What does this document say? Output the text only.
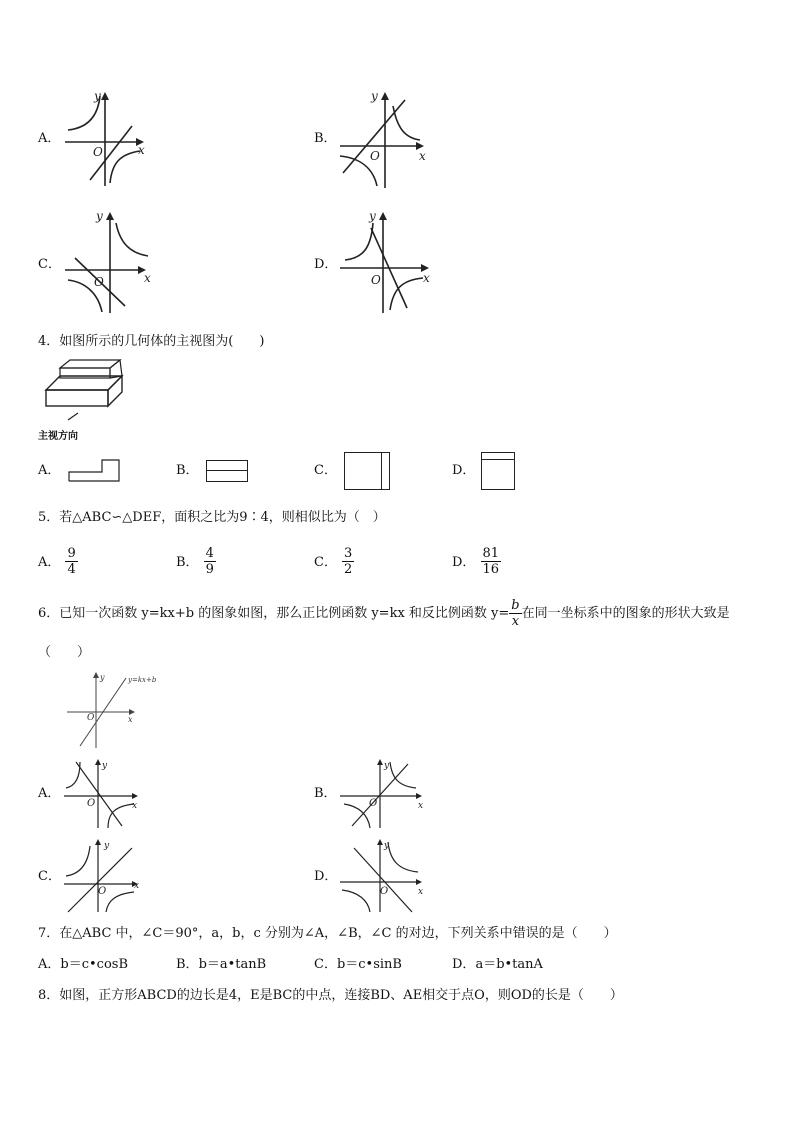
A．
O	x
y
B．
O	x
y
C．
O	x
y
D．
O	x
y
4．如图所示的几何体的主视图为(　　)
主视方向
A．	B．	C．	D．
5．若△ABC∽△DEF，面积之比为9∶4，则相似比为（　）
A． $\frac{9}{4}$	B． $\frac{4}{9}$	C． $\frac{3}{2}$	D． $\frac{81}{16}$
6．已知一次函数 y=kx+b 的图象如图，那么正比例函数 y=kx 和反比例函数 $y= \frac{b}{x}$ 在同一坐标系中的图象的形状大致是
（　　）
y=kx+b
O	x
y
A．
O	x
y
B．
O	x
y
C．
O	x
y
D．
O	x
y
7．在△ABC 中，∠C＝90°，a，b，c 分别为∠A，∠B，∠C 的对边，下列关系中错误的是（　　）
A．b＝c•cosB	B．b＝a•tanB	C．b＝c•sinB	D．a＝b•tanA
8．如图，正方形ABCD的边长是4，E是BC的中点，连接BD、AE相交于点O，则OD的长是（　　）
